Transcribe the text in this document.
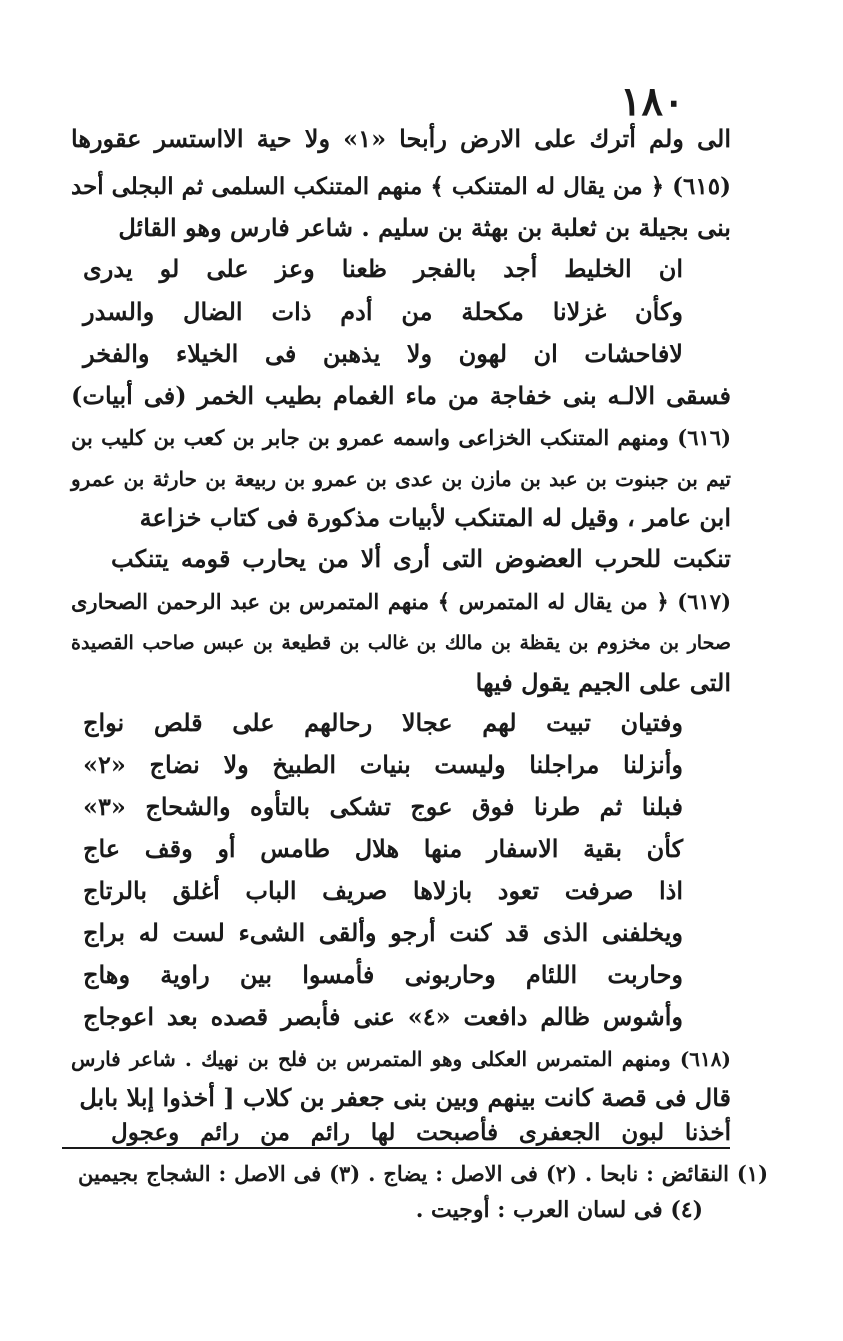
١٨٠
الى ولم أترك على الارض رأبحا «١» ولا حية الااستسر عقورها
(٦١٥) ﴿ من يقال له المتنكب ﴾ منهم المتنكب السلمى ثم البجلى أحد
بنى بجيلة بن ثعلبة بن بهثة بن سليم . شاعر فارس وهو القائل
ان الخليط أجد بالفجر ظعنا وعز على لو يدرى
وكأن غزلانا مكحلة من أدم ذات الضال والسدر
لافاحشات ان لهون ولا يذهبن فى الخيلاء والفخر
فسقى الالـه بنى خفاجة من ماء الغمام بطيب الخمر (فى أبيات)
(٦١٦) ومنهم المتنكب الخزاعى واسمه عمرو بن جابر بن كعب بن كليب بن
تيم بن جبنوت بن عبد بن مازن بن عدى بن عمرو بن ربيعة بن حارثة بن عمرو
ابن عامر ، وقيل له المتنكب لأبيات مذكورة فى كتاب خزاعة
تنكبت للحرب العضوض التى أرى ألا من يحارب قومه يتنكب
(٦١٧) ﴿ من يقال له المتمرس ﴾ منهم المتمرس بن عبد الرحمن الصحارى
صحار بن مخزوم بن يقظة بن مالك بن غالب بن قطيعة بن عبس صاحب القصيدة
التى على الجيم يقول فيها
وفتيان تبيت لهم عجالا رحالهم على قلص نواج
وأنزلنا مراجلنا وليست بنيات الطبيخ ولا نضاج «٢»
فبلنا ثم طرنا فوق عوج تشكى بالتأوه والشحاج «٣»
كأن بقية الاسفار منها هلال طامس أو وقف عاج
اذا صرفت تعود بازلاها صريف الباب أغلق بالرتاج
ويخلفنى الذى قد كنت أرجو وألقى الشىء لست له براج
وحاربت اللئام وحاربونى فأمسوا بين راوية وهاج
وأشوس ظالم دافعت «٤» عنى فأبصر قصده بعد اعوجاج
(٦١٨) ومنهم المتمرس العكلى وهو المتمرس بن فلح بن نهيك . شاعر فارس
قال فى قصة كانت بينهم وبين بنى جعفر بن كلاب [ أخذوا إبلا بابل
أخذنا لبون الجعفرى فأصبحت لها رائم من رائم وعجول
(١) النقائض : نابحا . (٢) فى الاصل : يضاج . (٣) فى الاصل : الشجاج بجيمين
(٤) فى لسان العرب : أوجيت .
